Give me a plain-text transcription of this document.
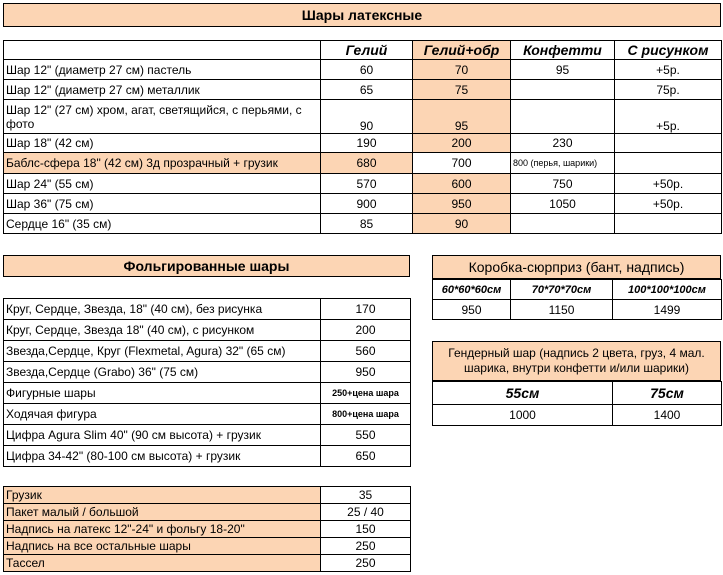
Шары латексные
	Гелий	Гелий+обр	Конфетти	С рисунком
Шар 12" (диаметр 27 см) пастель	60	70	95	+5р.
Шар 12" (диаметр 27 см) металлик	65	75		75р.
Шар 12" (27 см) хром, агат, светящийся, с перьями, с фото	90	95		+5р.
Шар 18" (42 см)	190	200	230	
Баблс-сфера 18" (42 см) 3д прозрачный + грузик	680	700	800 (перья, шарики)	
Шар 24" (55 см)	570	600	750	+50р.
Шар 36" (75 см)	900	950	1050	+50р.
Сердце 16" (35 см)	85	90		
Фольгированные шары
Круг, Сердце, Звезда, 18" (40 см), без рисунка	170
Круг, Сердце, Звезда 18" (40 см), с рисунком	200
Звезда,Сердце, Круг (Flexmetal, Agura) 32" (65 см)	560
Звезда,Сердце (Grabo) 36" (75 см)	950
Фигурные шары	250+цена шара
Ходячая фигура	800+цена шара
Цифра Agura Slim 40" (90 см высота) + грузик	550
Цифра 34-42" (80-100 см высота) + грузик	650
Коробка-сюрприз (бант, надпись)
60*60*60см	70*70*70см	100*100*100см
950	1150	1499
Гендерный шар (надпись 2 цвета, груз, 4 мал. шарика, внутри конфетти и/или шарики)
55см	75см
1000	1400
Грузик	35
Пакет малый / большой	25 / 40
Надпись на латекс 12"-24" и фольгу 18-20"	150
Надпись на все остальные шары	250
Тассел	250
